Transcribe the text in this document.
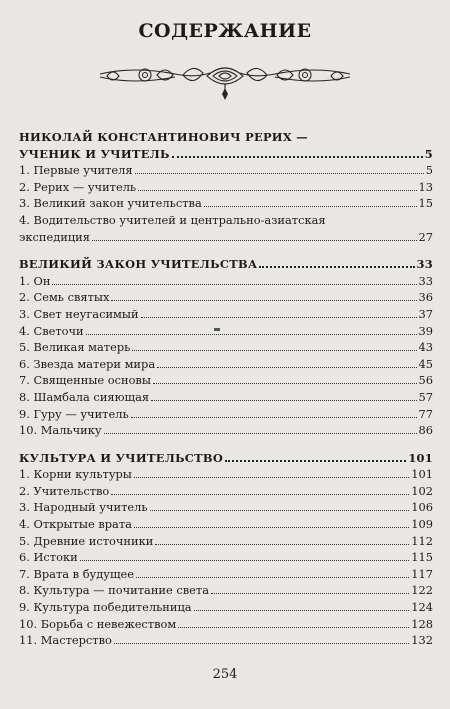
СОДЕРЖАНИЕ
НИКОЛАЙ КОНСТАНТИНОВИЧ РЕРИХ —
УЧЕНИК И УЧИТЕЛЬ	5
1. Первые учителя	5
2. Рерих — учитель	13
3. Великий закон учительства	15
4. Водительство учителей и центрально-азиатская
экспедиция	27
ВЕЛИКИЙ ЗАКОН УЧИТЕЛЬСТВА	33
1. Он	33
2. Семь святых	36
3. Свет неугасимый	37
4. Светочи	39
5. Великая матерь	43
6. Звезда матери мира	45
7. Священные основы	56
8. Шамбала сияющая	57
9. Гуру — учитель	77
10. Мальчику	86
КУЛЬТУРА И УЧИТЕЛЬСТВО	101
1. Корни культуры	101
2. Учительство	102
3. Народный учитель	106
4. Открытые врата	109
5. Древние источники	112
6. Истоки	115
7. Врата в будущее	117
8. Культура — почитание света	122
9. Культура победительница	124
10. Борьба с невежеством	128
11. Мастерство	132
254
